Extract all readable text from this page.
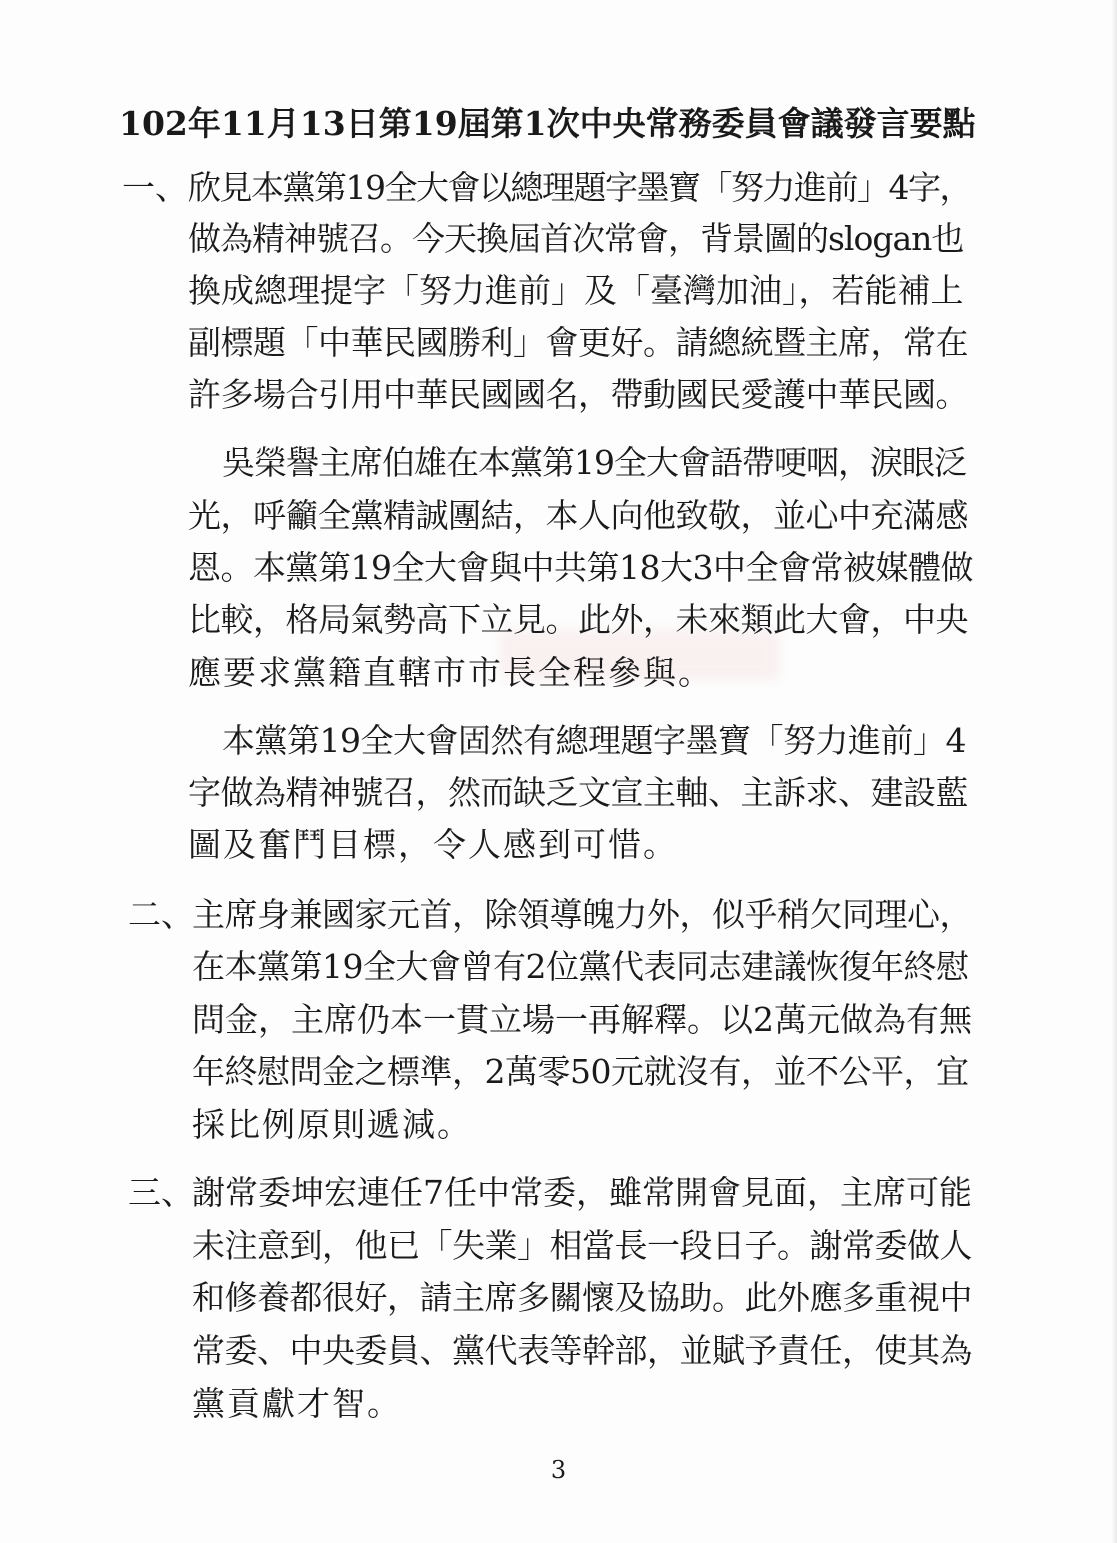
102年11月13日第19屆第1次中央常務委員會議發言要點
一、 欣見本黨第19全大會以總理題字墨寶「努力進前」4字，
做為精神號召。今天換屆首次常會，背景圖的slogan也
換成總理提字「努力進前」及「臺灣加油」，若能補上
副標題「中華民國勝利」會更好。請總統暨主席，常在
許多場合引用中華民國國名，帶動國民愛護中華民國。
吳榮譽主席伯雄在本黨第19全大會語帶哽咽，淚眼泛
光，呼籲全黨精誠團結，本人向他致敬，並心中充滿感
恩。本黨第19全大會與中共第18大3中全會常被媒體做
比較，格局氣勢高下立見。此外，未來類此大會，中央
應要求黨籍直轄市市長全程參與。
本黨第19全大會固然有總理題字墨寶「努力進前」4
字做為精神號召，然而缺乏文宣主軸、主訴求、建設藍
圖及奮鬥目標，令人感到可惜。
二、
主席身兼國家元首，除領導魄力外，似乎稍欠同理心，
在本黨第19全大會曾有2位黨代表同志建議恢復年終慰
問金，主席仍本一貫立場一再解釋。以2萬元做為有無
年終慰問金之標準，2萬零50元就沒有，並不公平，宜
採比例原則遞減。
三、
謝常委坤宏連任7任中常委，雖常開會見面，主席可能
未注意到，他已「失業」相當長一段日子。謝常委做人
和修養都很好，請主席多關懷及協助。此外應多重視中
常委、中央委員、黨代表等幹部，並賦予責任，使其為
黨貢獻才智。
3
